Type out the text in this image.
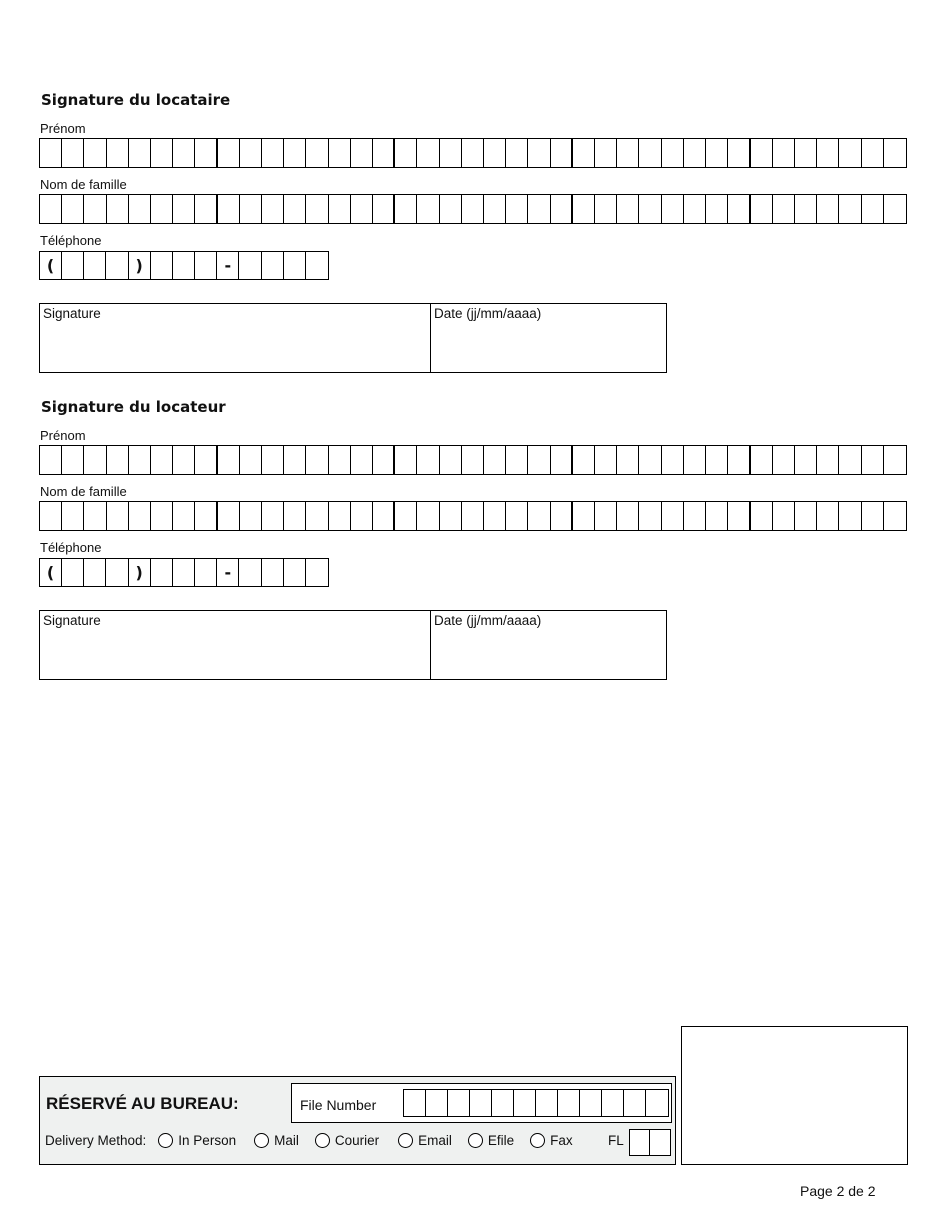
Signature du locataire
Prénom
Nom de famille
Téléphone
(	)	-
Signature	Date (jj/mm/aaaa)
Signature du locateur
Prénom
Nom de famille
Téléphone
(	)	-
Signature	Date (jj/mm/aaaa)
RÉSERVÉ AU BUREAU:	File Number
Delivery Method: In Person	Mail	Courier	Email	Efile	Fax	FL
Page 2 de 2
